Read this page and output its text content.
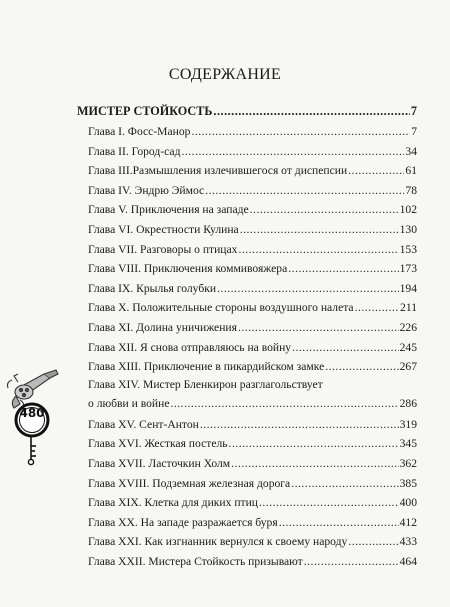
СОДЕРЖАНИЕ
МИСТЕР СТОЙКОСТЬ .....	7
Глава I. Фосс-Манор .....	7
Глава II. Город-сад .....	34
Глава III.Размышления излечившегося от диспепсии .....	61
Глава IV. Эндрю Эймос .....	78
Глава V. Приключения на западе .....	102
Глава VI. Окрестности Кулина .....	130
Глава VII. Разговоры о птицах .....	153
Глава VIII. Приключения коммивояжера .....	173
Глава IX. Крылья голубки .....	194
Глава X. Положительные стороны воздушного налета .....	211
Глава XI. Долина уничижения .....	226
Глава XII. Я снова отправляюсь на войну .....	245
Глава XIII. Приключение в пикардийском замке .....	267
Глава XIV. Мистер Бленкирон разглагольствует
о любви и войне .....	286
Глава XV. Сент-Антон .....	319
Глава XVI. Жесткая постель .....	345
Глава XVII. Ласточкин Холм .....	362
Глава XVIII. Подземная железная дорога .....	385
Глава XIX. Клетка для диких птиц .....	400
Глава XX. На западе разражается буря .....	412
Глава XXI. Как изгнанник вернулся к своему народу .....	433
Глава XXII. Мистера Стойкость призывают .....	464
480
